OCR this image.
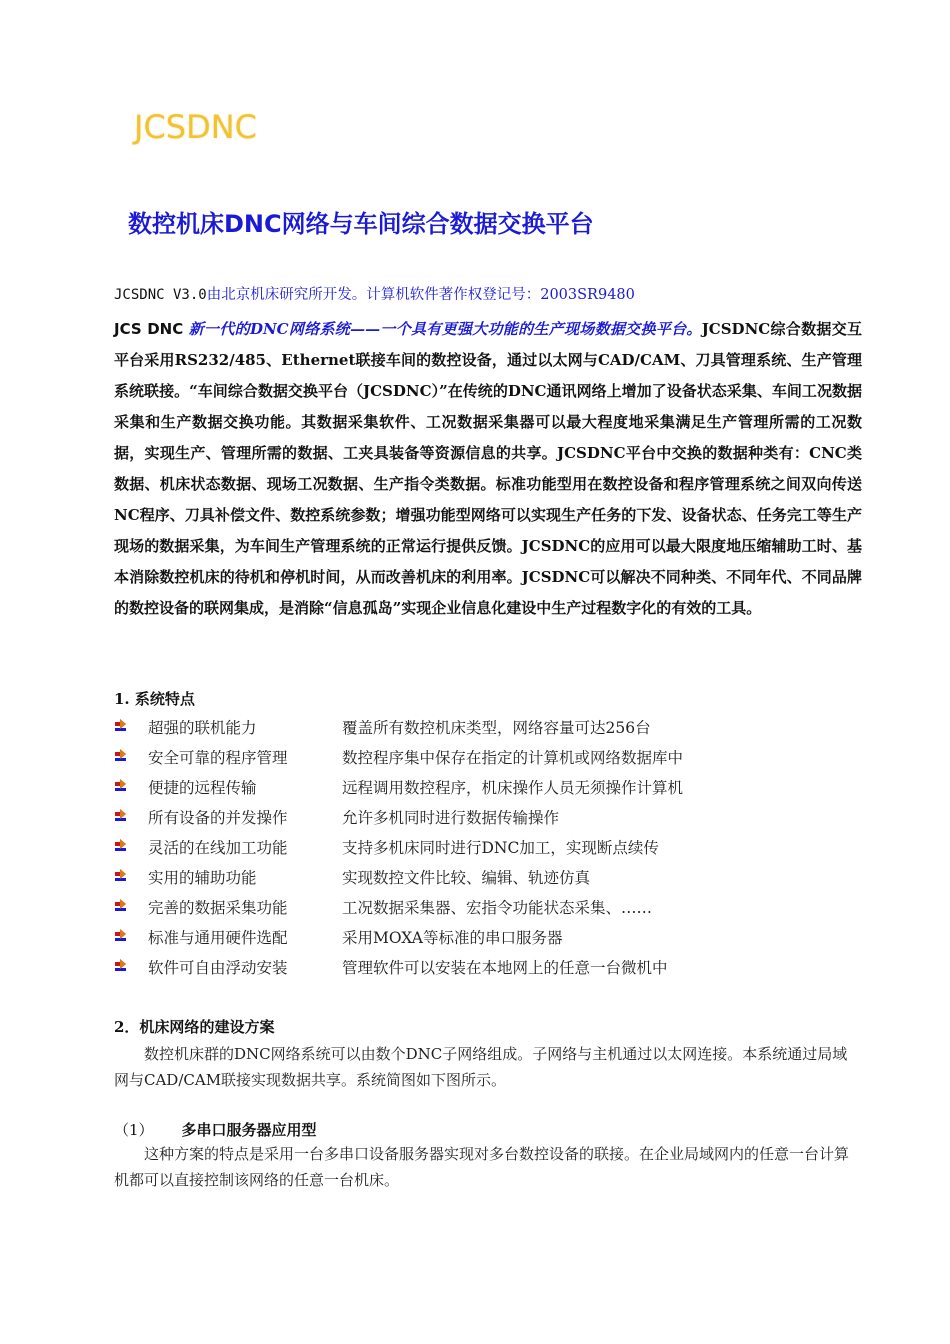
JCSDNC
数控机床DNC网络与车间综合数据交换平台
JCSDNC V3.0由北京机床研究所开发。计算机软件著作权登记号：2003SR9480
JCS DNC 新一代的DNC网络系统——一个具有更强大功能的生产现场数据交换平台。JCSDNC综合数据交互平台采用RS232/485、Ethernet联接车间的数控设备，通过以太网与CAD/CAM、刀具管理系统、生产管理系统联接。“车间综合数据交换平台（JCSDNC）”在传统的DNC通讯网络上增加了设备状态采集、车间工况数据采集和生产数据交换功能。其数据采集软件、工况数据采集器可以最大程度地采集满足生产管理所需的工况数据，实现生产、管理所需的数据、工夹具装备等资源信息的共享。JCSDNC平台中交换的数据种类有：CNC类数据、机床状态数据、现场工况数据、生产指令类数据。标准功能型用在数控设备和程序管理系统之间双向传送NC程序、刀具补偿文件、数控系统参数；增强功能型网络可以实现生产任务的下发、设备状态、任务完工等生产现场的数据采集，为车间生产管理系统的正常运行提供反馈。JCSDNC的应用可以最大限度地压缩辅助工时、基本消除数控机床的待机和停机时间，从而改善机床的利用率。JCSDNC可以解决不同种类、不同年代、不同品牌的数控设备的联网集成，是消除“信息孤岛”实现企业信息化建设中生产过程数字化的有效的工具。
1. 系统特点
超强的联机能力	覆盖所有数控机床类型，网络容量可达256台
安全可靠的程序管理	数控程序集中保存在指定的计算机或网络数据库中
便捷的远程传输	远程调用数控程序，机床操作人员无须操作计算机
所有设备的并发操作	允许多机同时进行数据传输操作
灵活的在线加工功能	支持多机床同时进行DNC加工，实现断点续传
实用的辅助功能	实现数控文件比较、编辑、轨迹仿真
完善的数据采集功能	工况数据采集器、宏指令功能状态采集、……
标准与通用硬件选配	采用MOXA等标准的串口服务器
软件可自由浮动安装	管理软件可以安装在本地网上的任意一台微机中
2．机床网络的建设方案
数控机床群的DNC网络系统可以由数个DNC子网络组成。子网络与主机通过以太网连接。本系统通过局域网与CAD/CAM联接实现数据共享。系统简图如下图所示。
（1） 多串口服务器应用型
这种方案的特点是采用一台多串口设备服务器实现对多台数控设备的联接。在企业局域网内的任意一台计算机都可以直接控制该网络的任意一台机床。
